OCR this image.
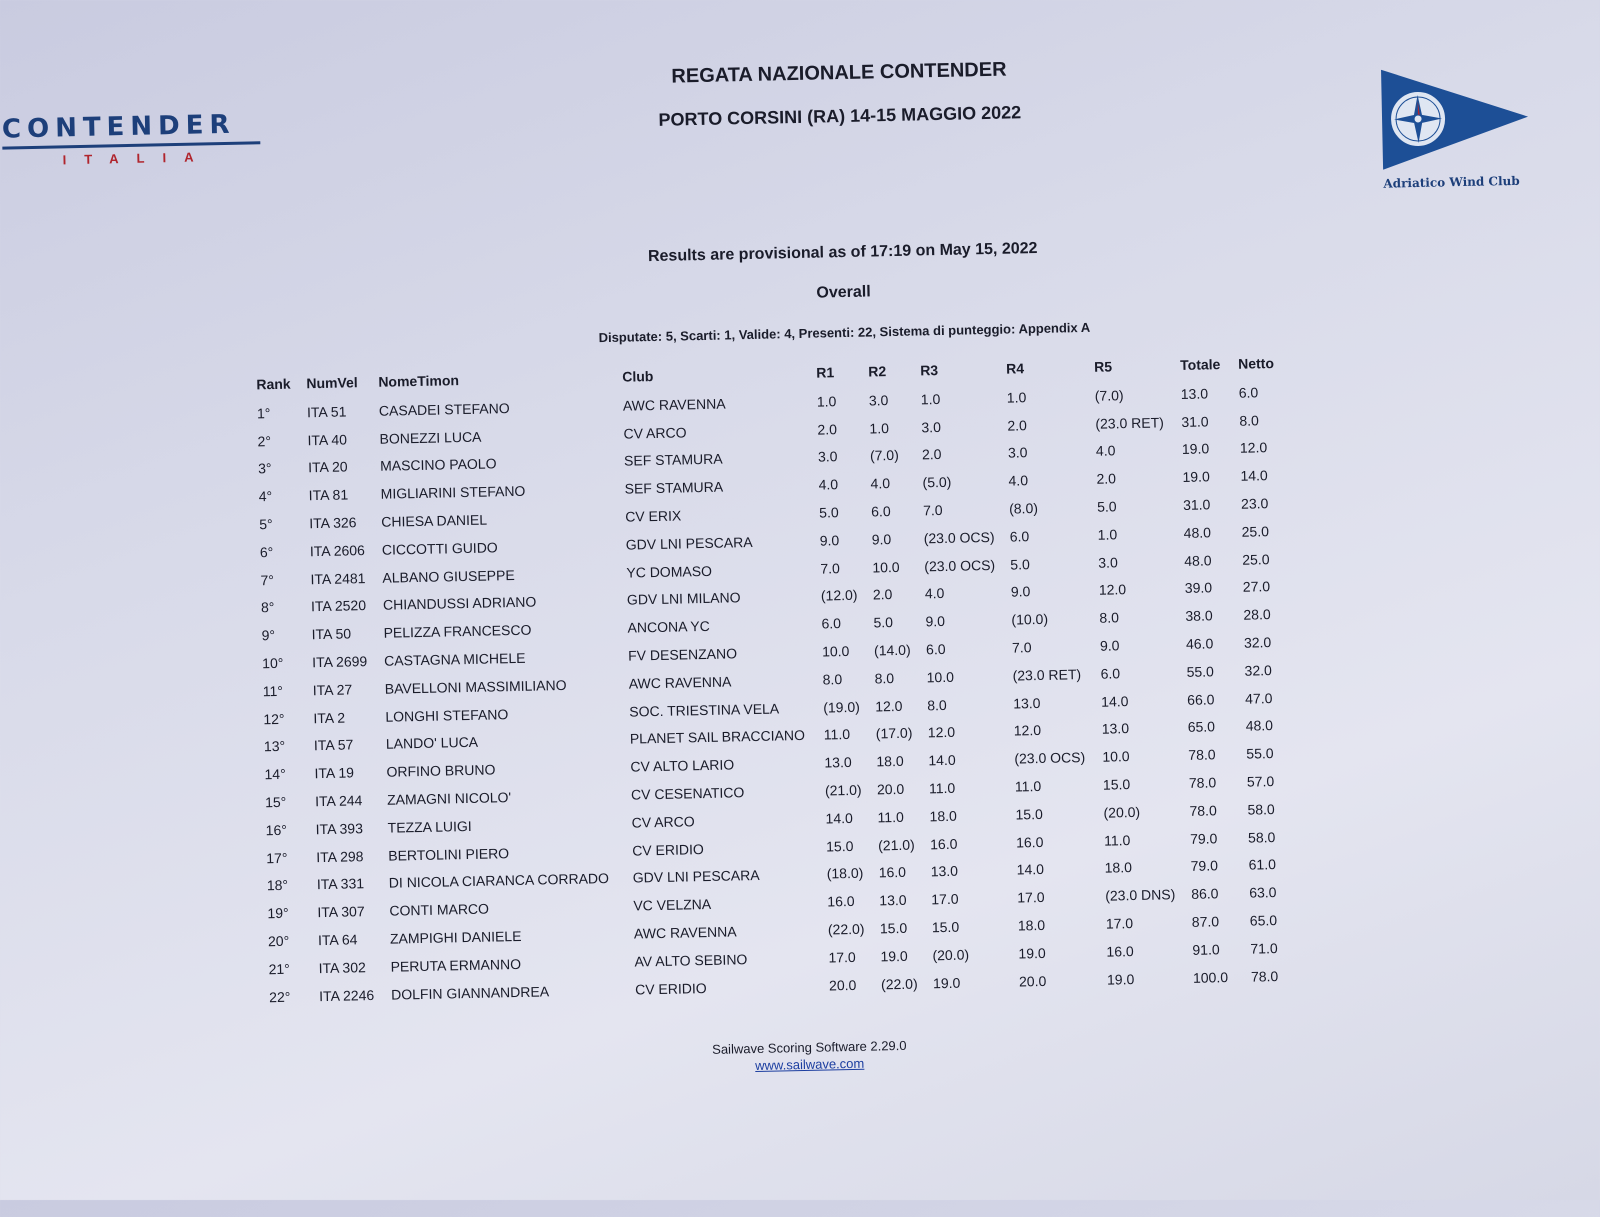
CONTENDER
ITALIA
REGATA NAZIONALE CONTENDER
PORTO CORSINI (RA) 14-15 MAGGIO 2022
Adriatico Wind Club
Results are provisional as of 17:19 on May 15, 2022
Overall
Disputate: 5, Scarti: 1, Valide: 4, Presenti: 22, Sistema di punteggio: Appendix A
Rank	NumVel	NomeTimon	Club	R1	R2	R3	R4	R5	Totale	Netto
1°	ITA 51	CASADEI STEFANO	AWC RAVENNA	1.0	3.0	1.0	1.0	(7.0)	13.0	6.0
2°	ITA 40	BONEZZI LUCA	CV ARCO	2.0	1.0	3.0	2.0	(23.0 RET)	31.0	8.0
3°	ITA 20	MASCINO PAOLO	SEF STAMURA	3.0	(7.0)	2.0	3.0	4.0	19.0	12.0
4°	ITA 81	MIGLIARINI STEFANO	SEF STAMURA	4.0	4.0	(5.0)	4.0	2.0	19.0	14.0
5°	ITA 326	CHIESA DANIEL	CV ERIX	5.0	6.0	7.0	(8.0)	5.0	31.0	23.0
6°	ITA 2606	CICCOTTI GUIDO	GDV LNI PESCARA	9.0	9.0	(23.0 OCS)	6.0	1.0	48.0	25.0
7°	ITA 2481	ALBANO GIUSEPPE	YC DOMASO	7.0	10.0	(23.0 OCS)	5.0	3.0	48.0	25.0
8°	ITA 2520	CHIANDUSSI ADRIANO	GDV LNI MILANO	(12.0)	2.0	4.0	9.0	12.0	39.0	27.0
9°	ITA 50	PELIZZA FRANCESCO	ANCONA YC	6.0	5.0	9.0	(10.0)	8.0	38.0	28.0
10°	ITA 2699	CASTAGNA MICHELE	FV DESENZANO	10.0	(14.0)	6.0	7.0	9.0	46.0	32.0
11°	ITA 27	BAVELLONI MASSIMILIANO	AWC RAVENNA	8.0	8.0	10.0	(23.0 RET)	6.0	55.0	32.0
12°	ITA 2	LONGHI STEFANO	SOC. TRIESTINA VELA	(19.0)	12.0	8.0	13.0	14.0	66.0	47.0
13°	ITA 57	LANDO' LUCA	PLANET SAIL BRACCIANO	11.0	(17.0)	12.0	12.0	13.0	65.0	48.0
14°	ITA 19	ORFINO BRUNO	CV ALTO LARIO	13.0	18.0	14.0	(23.0 OCS)	10.0	78.0	55.0
15°	ITA 244	ZAMAGNI NICOLO'	CV CESENATICO	(21.0)	20.0	11.0	11.0	15.0	78.0	57.0
16°	ITA 393	TEZZA LUIGI	CV ARCO	14.0	11.0	18.0	15.0	(20.0)	78.0	58.0
17°	ITA 298	BERTOLINI PIERO	CV ERIDIO	15.0	(21.0)	16.0	16.0	11.0	79.0	58.0
18°	ITA 331	DI NICOLA CIARANCA CORRADO	GDV LNI PESCARA	(18.0)	16.0	13.0	14.0	18.0	79.0	61.0
19°	ITA 307	CONTI MARCO	VC VELZNA	16.0	13.0	17.0	17.0	(23.0 DNS)	86.0	63.0
20°	ITA 64	ZAMPIGHI DANIELE	AWC RAVENNA	(22.0)	15.0	15.0	18.0	17.0	87.0	65.0
21°	ITA 302	PERUTA ERMANNO	AV ALTO SEBINO	17.0	19.0	(20.0)	19.0	16.0	91.0	71.0
22°	ITA 2246	DOLFIN GIANNANDREA	CV ERIDIO	20.0	(22.0)	19.0	20.0	19.0	100.0	78.0
Sailwave Scoring Software 2.29.0
www.sailwave.com
